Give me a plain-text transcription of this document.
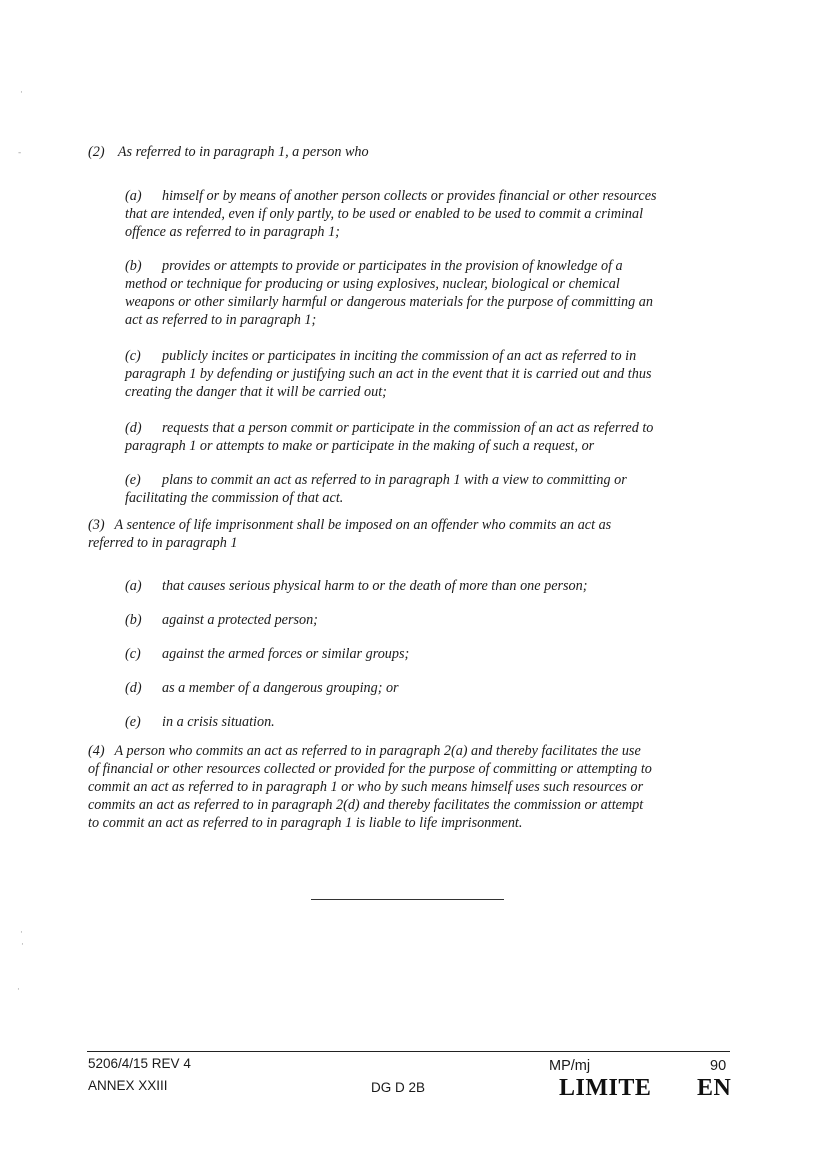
·
-
·
·
·

(2) As referred to in paragraph 1, a person who

(a) himself or by means of another person collects or provides financial or other resources
that are intended, even if only partly, to be used or enabled to be used to commit a criminal
offence as referred to in paragraph 1;
(b) provides or attempts to provide or participates in the provision of knowledge of a
method or technique for producing or using explosives, nuclear, biological or chemical
weapons or other similarly harmful or dangerous materials for the purpose of committing an
act as referred to in paragraph 1;
(c) publicly incites or participates in inciting the commission of an act as referred to in
paragraph 1 by defending or justifying such an act in the event that it is carried out and thus
creating the danger that it will be carried out;
(d) requests that a person commit or participate in the commission of an act as referred to
paragraph 1 or attempts to make or participate in the making of such a request, or
(e) plans to commit an act as referred to in paragraph 1 with a view to committing or
facilitating the commission of that act.
(3) A sentence of life imprisonment shall be imposed on an offender who commits an act as
referred to in paragraph 1
(a) that causes serious physical harm to or the death of more than one person;
(b) against a protected person;
(c) against the armed forces or similar groups;
(d) as a member of a dangerous grouping; or
(e) in a crisis situation.
(4) A person who commits an act as referred to in paragraph 2(a) and thereby facilitates the use
of financial or other resources collected or provided for the purpose of committing or attempting to
commit an act as referred to in paragraph 1 or who by such means himself uses such resources or
commits an act as referred to in paragraph 2(d) and thereby facilitates the commission or attempt
to commit an act as referred to in paragraph 1 is liable to life imprisonment.
5206/4/15 REV 4
ANNEX XXIII	DG D 2B
MP/mj	90
LIMITE EN
